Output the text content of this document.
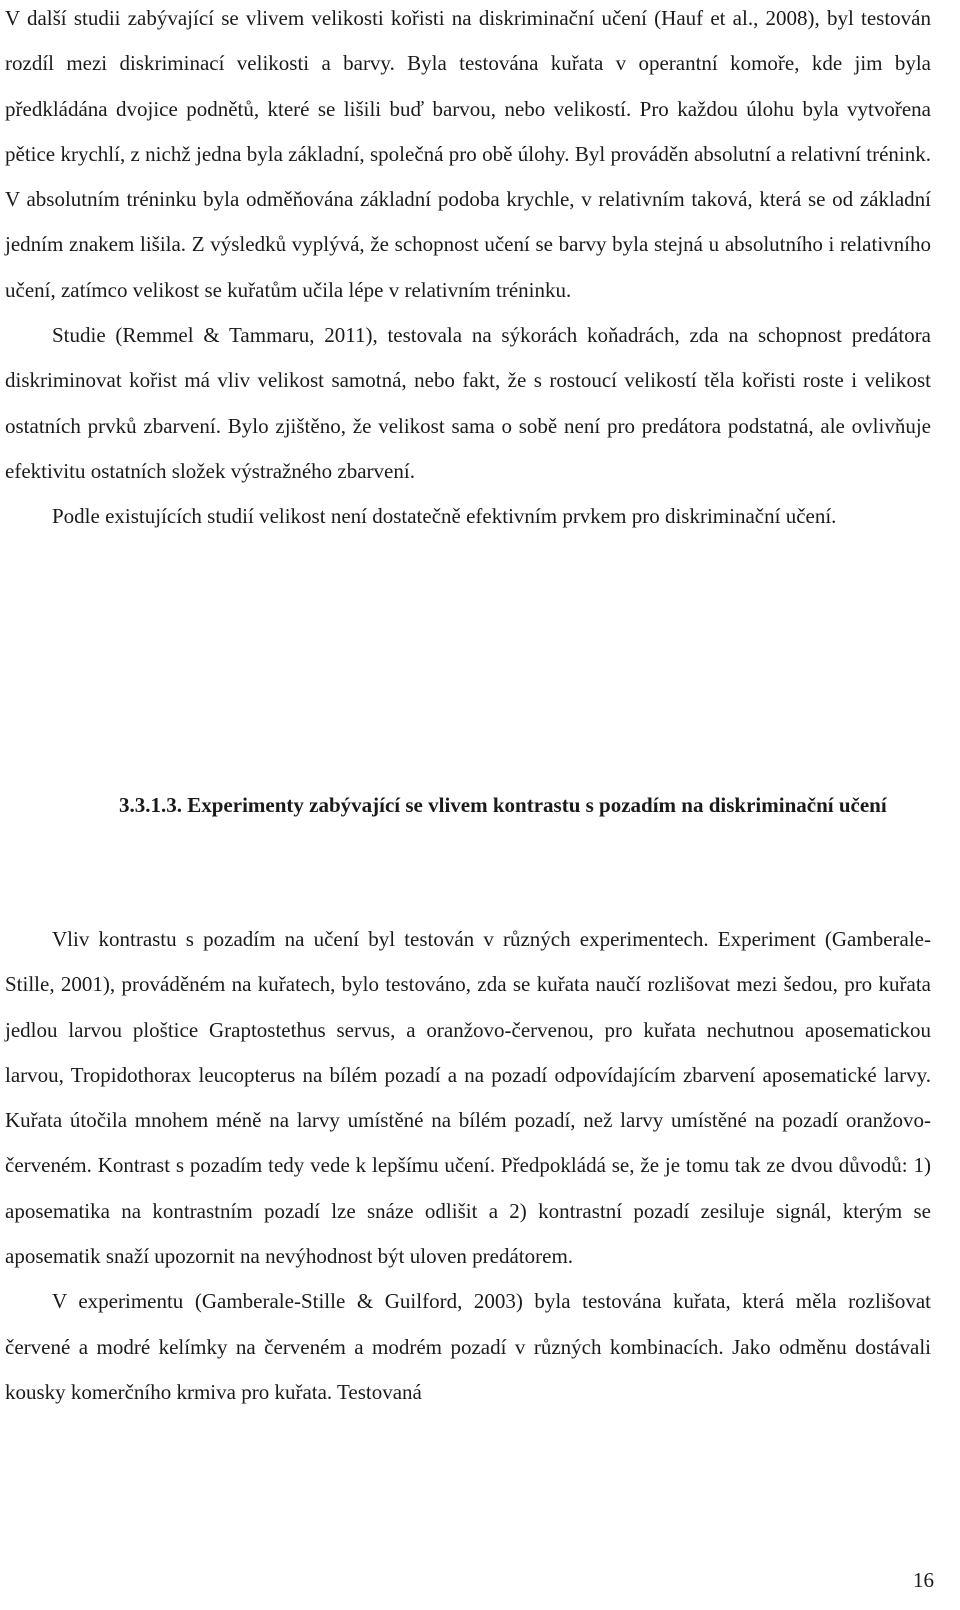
V další studii zabývající se vlivem velikosti kořisti na diskriminační učení (Hauf et al., 2008), byl testován rozdíl mezi diskriminací velikosti a barvy. Byla testována kuřata v operantní komoře, kde jim byla předkládána dvojice podnětů, které se lišili buď barvou, nebo velikostí. Pro každou úlohu byla vytvořena pětice krychlí, z nichž jedna byla základní, společná pro obě úlohy. Byl prováděn absolutní a relativní trénink. V absolutním tréninku byla odměňována základní podoba krychle, v relativním taková, která se od základní jedním znakem lišila. Z výsledků vyplývá, že schopnost učení se barvy byla stejná u absolutního i relativního učení, zatímco velikost se kuřatům učila lépe v relativním tréninku.

Studie (Remmel & Tammaru, 2011), testovala na sýkorách koňadrách, zda na schopnost predátora diskriminovat kořist má vliv velikost samotná, nebo fakt, že s rostoucí velikostí těla kořisti roste i velikost ostatních prvků zbarvení. Bylo zjištěno, že velikost sama o sobě není pro predátora podstatná, ale ovlivňuje efektivitu ostatních složek výstražného zbarvení.

Podle existujících studií velikost není dostatečně efektivním prvkem pro diskriminační učení.

3.3.1.3. Experimenty zabývající se vlivem kontrastu s pozadím na diskriminační učení

Vliv kontrastu s pozadím na učení byl testován v různých experimentech. Experiment (Gamberale-Stille, 2001), prováděném na kuřatech, bylo testováno, zda se kuřata naučí rozlišovat mezi šedou, pro kuřata jedlou larvou ploštice Graptostethus servus, a oranžovo-červenou, pro kuřata nechutnou aposematickou larvou, Tropidothorax leucopterus na bílém pozadí a na pozadí odpovídajícím zbarvení aposematické larvy. Kuřata útočila mnohem méně na larvy umístěné na bílém pozadí, než larvy umístěné na pozadí oranžovo-červeném. Kontrast s pozadím tedy vede k lepšímu učení. Předpokládá se, že je tomu tak ze dvou důvodů: 1) aposematika na kontrastním pozadí lze snáze odlišit a 2) kontrastní pozadí zesiluje signál, kterým se aposematik snaží upozornit na nevýhodnost být uloven predátorem.

V experimentu (Gamberale-Stille & Guilford, 2003) byla testována kuřata, která měla rozlišovat červené a modré kelímky na červeném a modrém pozadí v různých kombinacích. Jako odměnu dostávali kousky komerčního krmiva pro kuřata. Testovaná

16
